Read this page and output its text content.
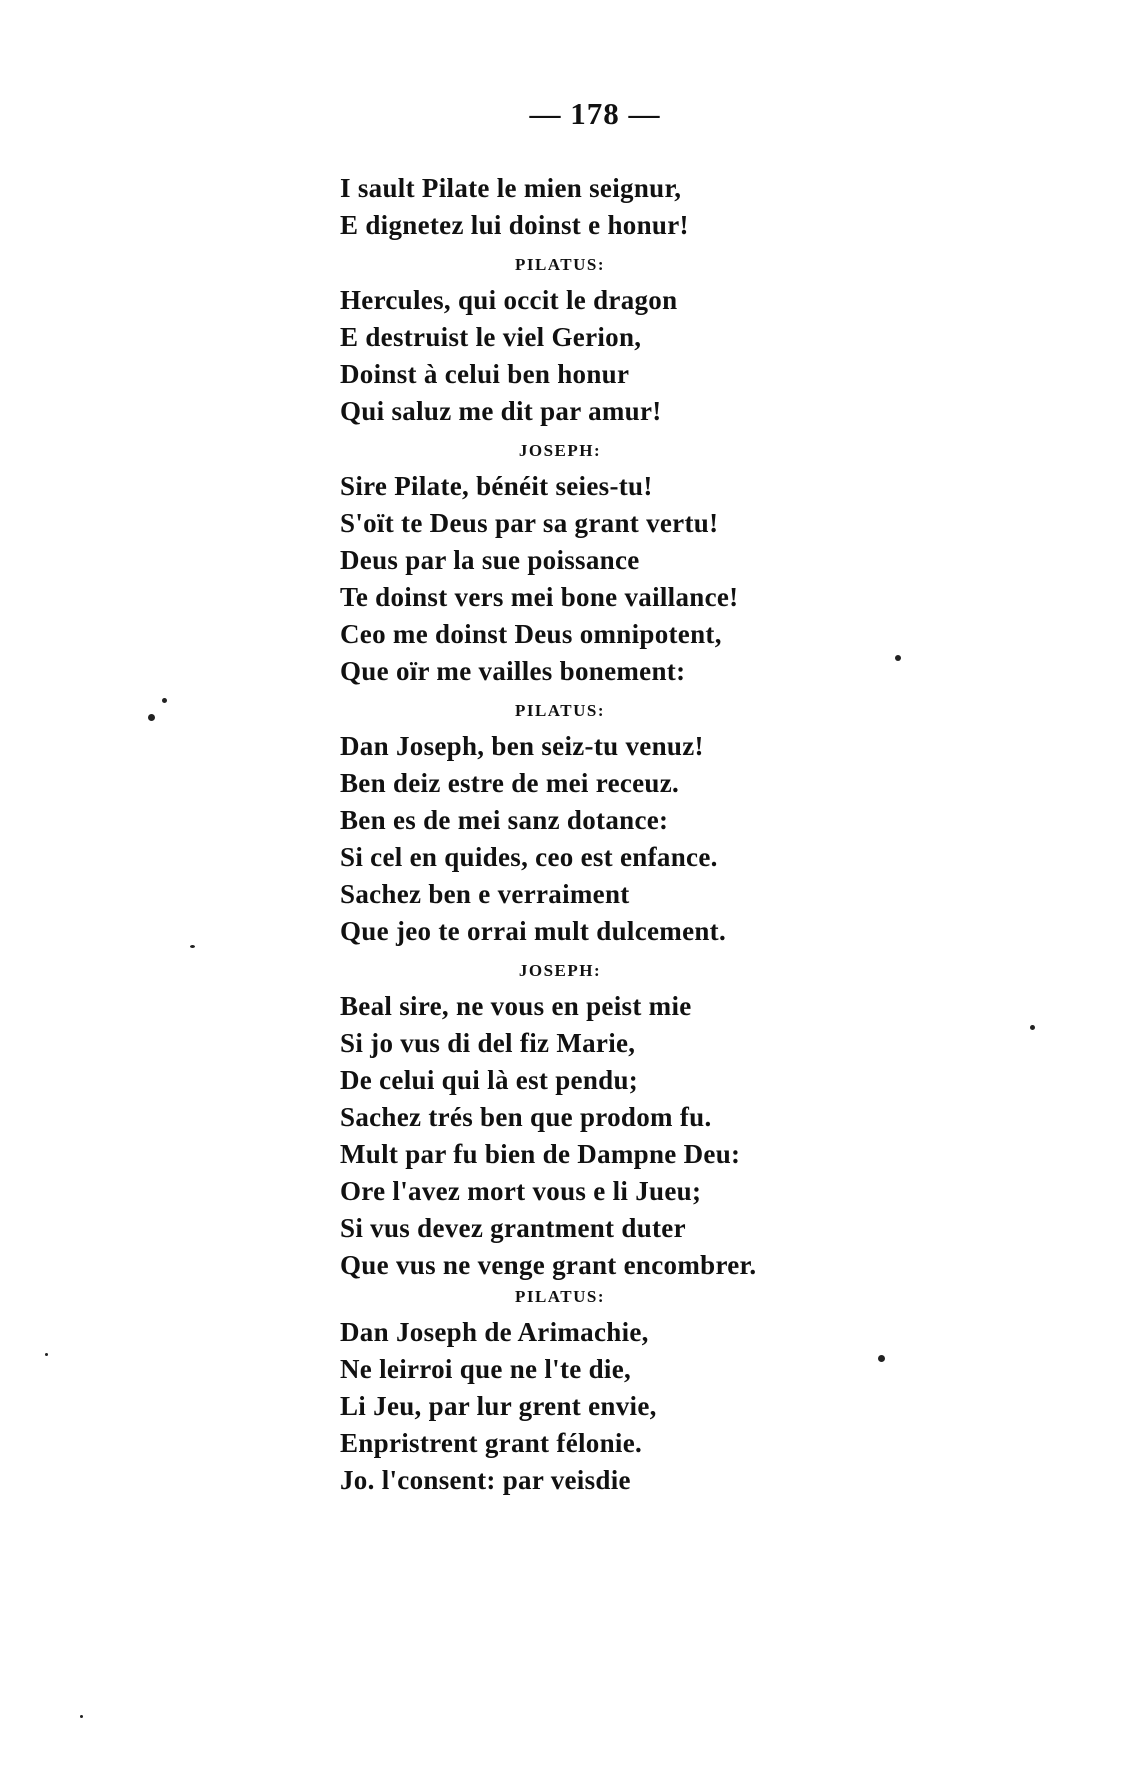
— 178 —
I sault Pilate le mien seignur,
E dignetez lui doinst e honur!
PILATUS:
Hercules, qui occit le dragon
E destruist le viel Gerion,
Doinst à celui ben honur
Qui saluz me dit par amur!
JOSEPH:
Sire Pilate, bénéit seies-tu!
S'oït te Deus par sa grant vertu!
Deus par la sue poissance
Te doinst vers mei bone vaillance!
Ceo me doinst Deus omnipotent,
Que oïr me vailles bonement:
PILATUS:
Dan Joseph, ben seiz-tu venuz!
Ben deiz estre de mei receuz.
Ben es de mei sanz dotance:
Si cel en quides, ceo est enfance.
Sachez ben e verraiment
Que jeo te orrai mult dulcement.
JOSEPH:
Beal sire, ne vous en peist mie
Si jo vus di del fiz Marie,
De celui qui là est pendu;
Sachez trés ben que prodom fu.
Mult par fu bien de Dampne Deu:
Ore l'avez mort vous e li Jueu;
Si vus devez grantment duter
Que vus ne venge grant encombrer.
PILATUS:
Dan Joseph de Arimachie,
Ne leirroi que ne l'te die,
Li Jeu, par lur grent envie,
Enpristrent grant félonie.
Jo. l'consent: par veisdie
